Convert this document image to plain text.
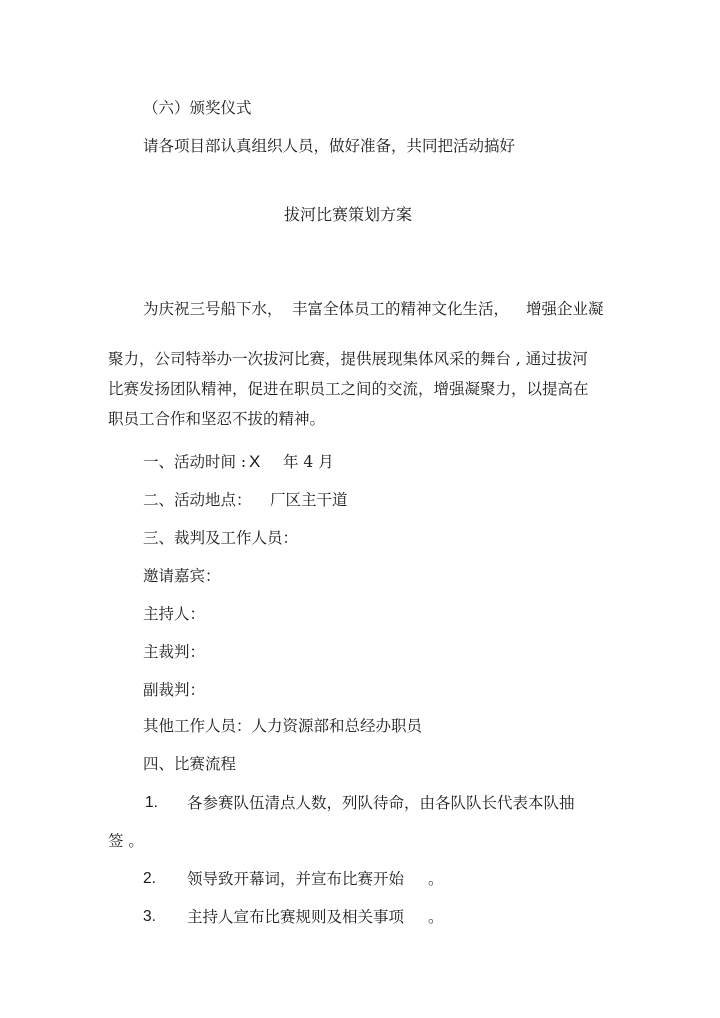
（六）颁奖仪式
请各项目部认真组织人员，做好准备，共同把活动搞好
拔河比赛策划方案
为庆祝三号船下水， 丰富全体员工的精神文化生活， 增强企业凝
聚力，公司特举办一次拔河比赛，提供展现集体风采的舞台 , 通过拔河
比赛发扬团队精神，促进在职员工之间的交流，增强凝聚力，以提高在
职员工合作和坚忍不拔的精神。
一、活动时间 : X 年 4 月
二、活动地点： 厂区主干道
三、裁判及工作人员：
邀请嘉宾：
主持人：
主裁判：
副裁判：
其他工作人员：人力资源部和总经办职员
四、比赛流程
1. 各参赛队伍清点人数，列队待命，由各队队长代表本队抽
签 。
2. 领导致开幕词，并宣布比赛开始 。
3. 主持人宣布比赛规则及相关事项 。
